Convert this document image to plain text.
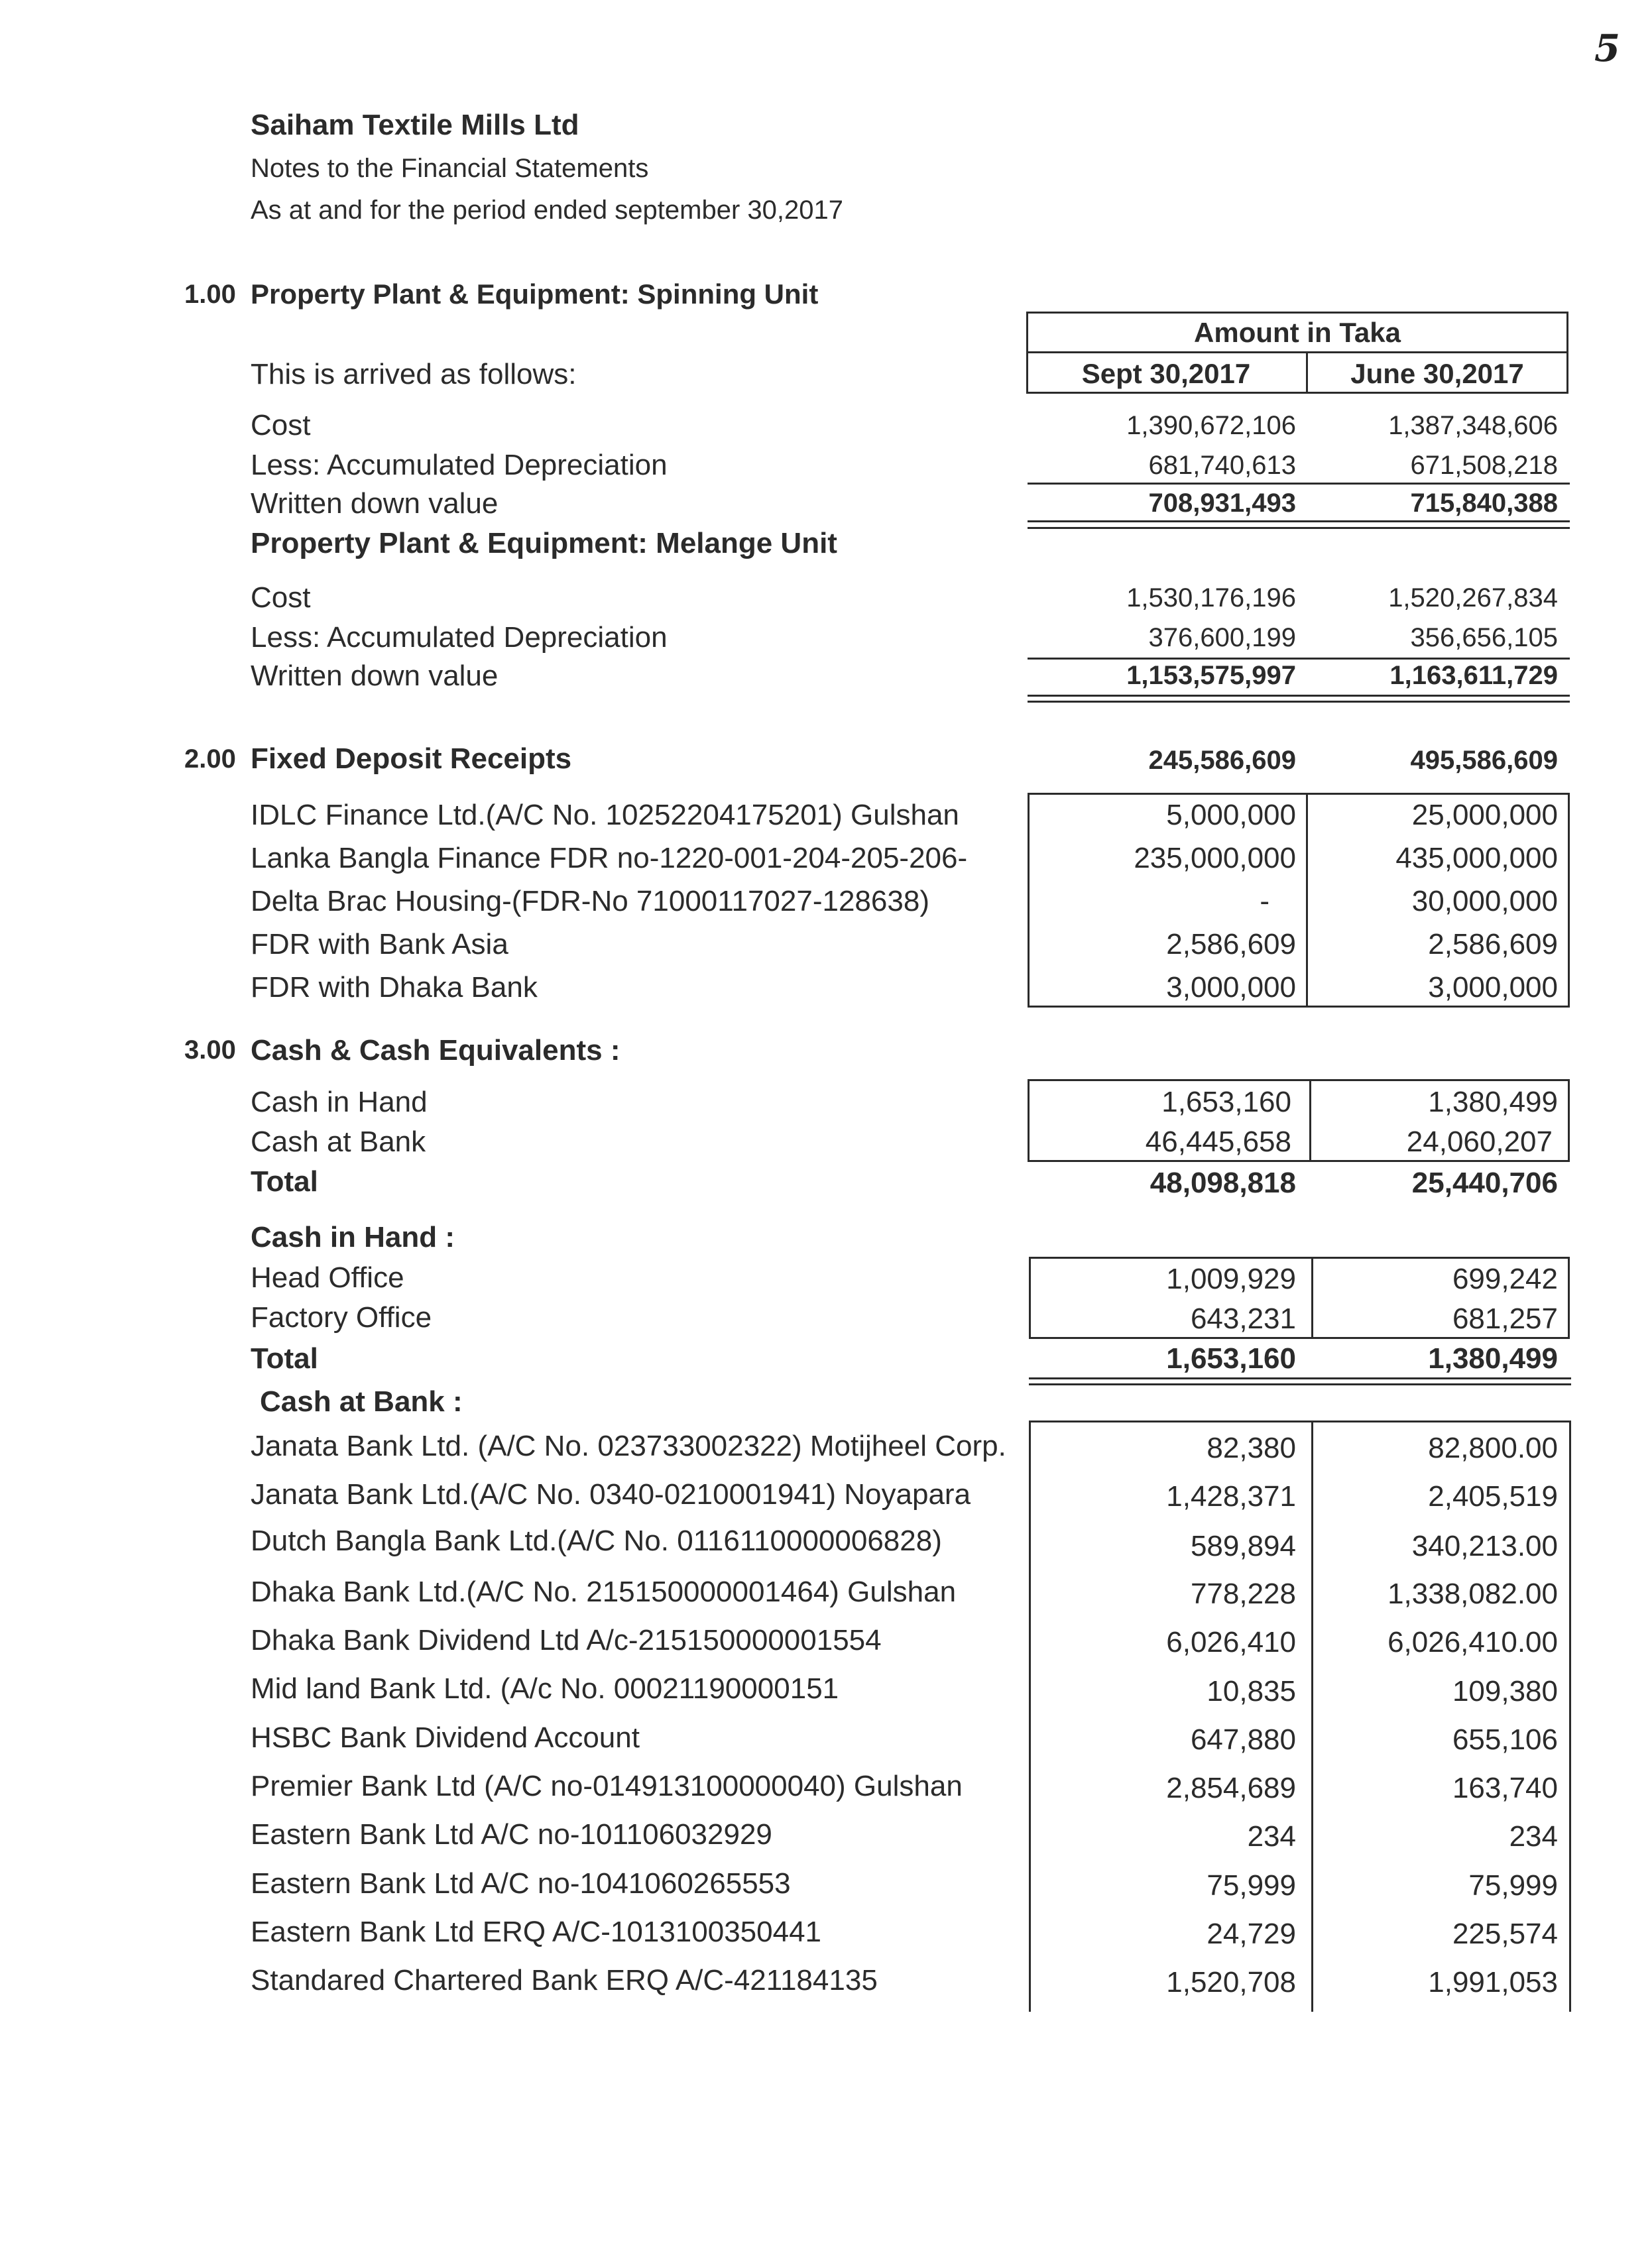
5
Saiham Textile Mills Ltd
Notes to the Financial Statements
As at and for the period ended september 30,2017
1.00 Property Plant & Equipment: Spinning Unit
Amount in Taka
Sept 30,2017	June 30,2017
This is arrived as follows:
Cost	1,390,672,106	1,387,348,606
Less: Accumulated Depreciation	681,740,613	671,508,218
Written down value	708,931,493	715,840,388
Property Plant & Equipment: Melange Unit
Cost	1,530,176,196	1,520,267,834
Less: Accumulated Depreciation	376,600,199	356,656,105
Written down value	1,153,575,997	1,163,611,729
2.00 Fixed Deposit Receipts	245,586,609	495,586,609
IDLC Finance Ltd.(A/C No. 10252204175201) Gulshan	5,000,000	25,000,000
Lanka Bangla Finance FDR no-1220-001-204-205-206-	235,000,000	435,000,000
Delta Brac Housing-(FDR-No 71000117027-128638)	-	30,000,000
FDR with Bank Asia	2,586,609	2,586,609
FDR with Dhaka Bank	3,000,000	3,000,000
3.00 Cash & Cash Equivalents :
Cash in Hand	1,653,160	1,380,499
Cash at Bank	46,445,658	24,060,207
Total	48,098,818	25,440,706
Cash in Hand :
Head Office	1,009,929	699,242
Factory Office	643,231	681,257
Total	1,653,160	1,380,499
Cash at Bank :
Janata Bank Ltd. (A/C No. 023733002322) Motijheel Corp.	82,380	82,800.00
Janata Bank Ltd.(A/C No. 0340-0210001941) Noyapara	1,428,371	2,405,519
Dutch Bangla Bank Ltd.(A/C No. 0116110000006828)	589,894	340,213.00
Dhaka Bank Ltd.(A/C No. 215150000001464) Gulshan	778,228	1,338,082.00
Dhaka Bank Dividend Ltd A/c-215150000001554	6,026,410	6,026,410.00
Mid land Bank Ltd. (A/c No. 00021190000151	10,835	109,380
HSBC Bank Dividend Account	647,880	655,106
Premier Bank Ltd (A/C no-014913100000040) Gulshan	2,854,689	163,740
Eastern Bank Ltd A/C no-101106032929	234	234
Eastern Bank Ltd A/C no-1041060265553	75,999	75,999
Eastern Bank Ltd ERQ A/C-1013100350441	24,729	225,574
Standared Chartered Bank ERQ A/C-421184135	1,520,708	1,991,053
